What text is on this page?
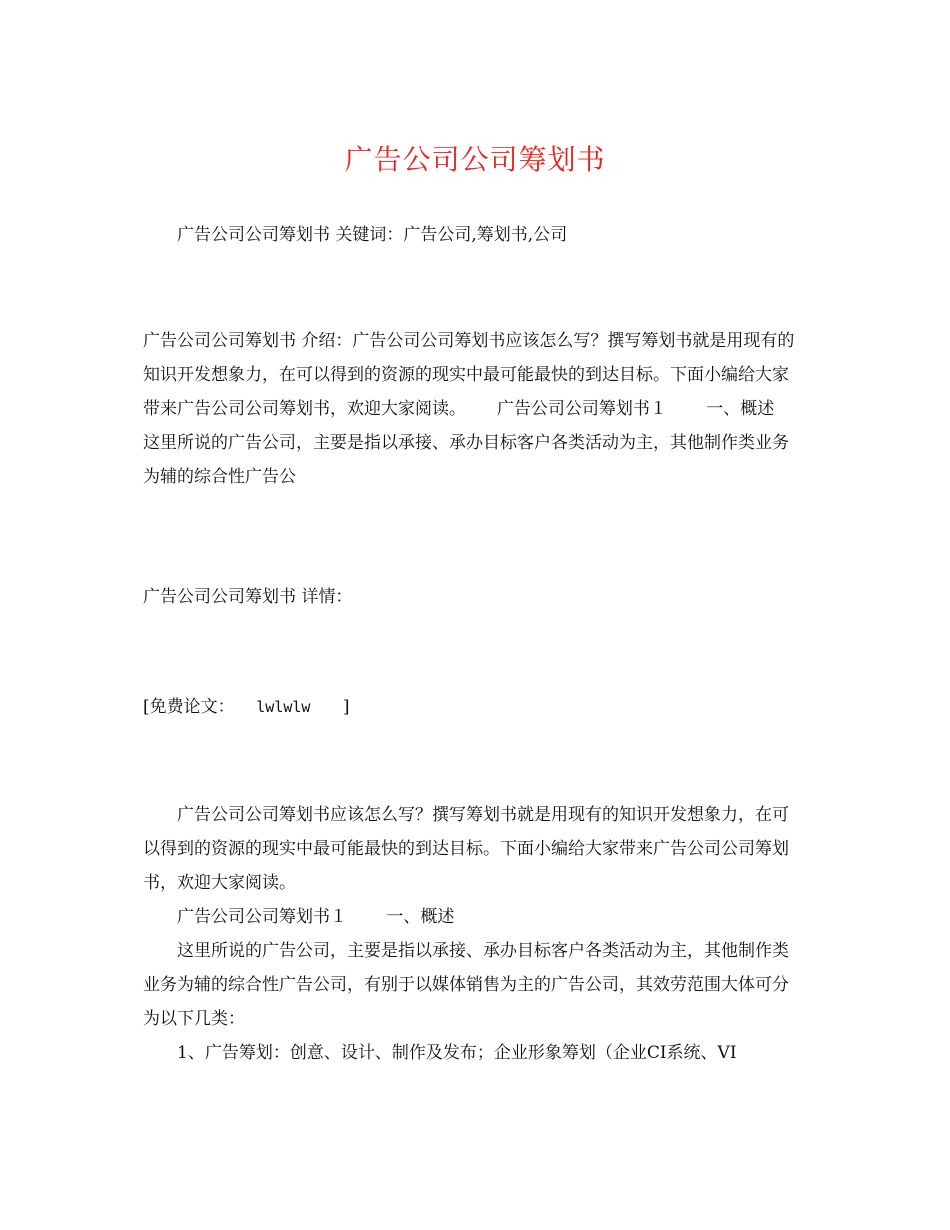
广告公司公司筹划书

广告公司公司筹划书 关键词：广告公司,筹划书,公司

广告公司公司筹划书 介绍：广告公司公司筹划书应该怎么写？撰写筹划书就是用现有的知识开发想象力，在可以得到的资源的现实中最可能最快的到达目标。下面小编给大家带来广告公司公司筹划书，欢迎大家阅读。　　 广告公司公司筹划书１　　 一、概述　　 这里所说的广告公司，主要是指以承接、承办目标客户各类活动为主，其他制作类业务为辅的综合性广告公

广告公司公司筹划书 详情：

[免费论文： lwlwlw ]

广告公司公司筹划书应该怎么写？撰写筹划书就是用现有的知识开发想象力，在可以得到的资源的现实中最可能最快的到达目标。下面小编给大家带来广告公司公司筹划书，欢迎大家阅读。

广告公司公司筹划书１　　 一、概述

这里所说的广告公司，主要是指以承接、承办目标客户各类活动为主，其他制作类业务为辅的综合性广告公司，有别于以媒体销售为主的广告公司，其效劳范围大体可分为以下几类：

1、广告筹划：创意、设计、制作及发布；企业形象筹划（企业CI系统、VI
